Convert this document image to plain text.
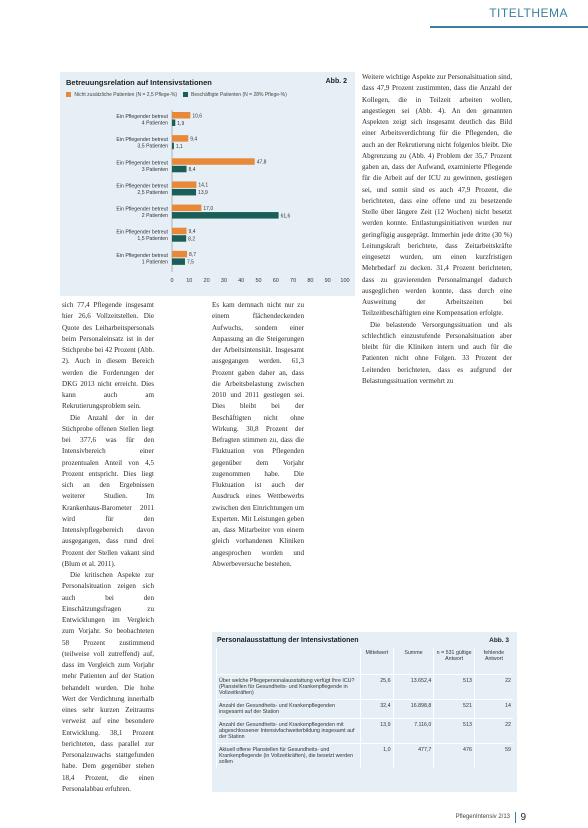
TITELTHEMA
Betreuungsrelation auf Intensivstationen	Abb. 2
Nicht zusätzliche Patienten (N = 2,5 Pflege-%)	Beschäftigte Patienten (N = 28% Pflege-%)
0 10 20 30 40 50 60 70 80 90 100
Ein Pflegender betreut
4 Patienten
10,6
1,9
Ein Pflegender betreut
3,5 Patienten
9,4
1,1
Ein Pflegender betreut
3 Patienten
47,8
8,4
Ein Pflegender betreut
2,5 Patienten
14,1
13,9
Ein Pflegender betreut
2 Patienten
17,0
61,6
Ein Pflegender betreut
1,5 Patienten
9,4
8,2
Ein Pflegender betreut
1 Patienten
8,7
7,5

sich 77,4 Pflegende insgesamt hier 26,6 Vollzeitstellen. Die Quote des Leiharbeitspersonals beim Personaleinsatz ist in der Stichprobe bei 42 Prozent (Abb. 2). Auch in diesem Bereich werden die Forderungen der DKG 2013 nicht erreicht. Dies kann auch am Rekrutierungsproblem sein.

Die Anzahl der in der Stichprobe offenen Stellen liegt bei 377,6 was für den Intensivbereich einer prozentualen Anteil von 4,5 Prozent entspricht. Dies liegt sich an den Ergebnissen weiterer Studien. Im Krankenhaus-Barometer 2011 wird für den Intensivpflegebereich davon ausgegangen, dass rund drei Prozent der Stellen vakant sind (Blum et al. 2011).

Die kritischen Aspekte zur Personalsituation zeigen sich auch bei den Einschätzungsfragen zu Entwicklungen im Vergleich zum Vorjahr. So beobachteten 58 Prozent zustimmend (teilweise voll zutreffend) auf, dass im Vergleich zum Vorjahr mehr Patienten auf der Station behandelt wurden. Die hohe Wert der Verdichtung innerhalb eines sehr kurzen Zeitraums verweist auf eine besondere Entwicklung. 38,1 Prozent berichteten, dass parallel zur Personalzuwachs stattgefunden habe. Dem gegenüber stehen 18,4 Prozent, die einen Personalabbau erfuhren.

Es kam demnach nicht nur zu einem flächendeckenden Aufwuchs, sondern einer Anpassung an die Steigerungen der Arbeitsintensität. Insgesamt ausgegangen werden. 61,3 Prozent gaben daher an, dass die Arbeitsbelastung zwischen 2010 und 2011 gestiegen sei. Dies bleibt bei der Beschäftigten nicht ohne Wirkung. 30,8 Prozent der Befragten stimmen zu, dass die Fluktuation von Pflegenden gegenüber dem Vorjahr zugenommen habe. Die Fluktuation ist auch der Ausdruck eines Wettbewerbs zwischen den Einrichtungen um Experten. Mit Leistungen geben an, dass Mitarbeiter von einem gleich vorhandenen Kliniken angesprochen worden und Abwerbeversuche bestehen.

Weitere wichtige Aspekte zur Personalsituation sind, dass 47,9 Prozent zustimmten, dass die Anzahl der Kollegen, die in Teilzeit arbeiten wollen, angestiegen sei (Abb. 4). An den genannten Aspekten zeigt sich insgesamt deutlich das Bild einer Arbeitsverdichtung für die Pflegenden, die auch an der Rekrutierung nicht folgenlos bleibt. Die Abgrenzung zu (Abb. 4) Problem der 35,7 Prozent gaben an, dass der Aufwand, examinierte Pflegende für die Arbeit auf der ICU zu gewinnen, gestiegen sei, und somit sind es auch 47,9 Prozent, die berichteten, dass eine offene und zu besetzende Stelle über längere Zeit (12 Wochen) nicht besetzt werden konnte. Entlastungsinitiativen wurden nur geringfügig ausgeprägt. Immerhin jede dritte (30 %) Leitungskraft berichtete, dass Zeitarbeitskräfte eingesetzt wurden, um einen kurzfristigen Mehrbedarf zu decken. 31,4 Prozent berichteten, dass zu gravierenden Personalmangel dadurch ausgeglichen werden konnte, dass durch eine Ausweitung der Arbeitszeiten bei Teilzeitbeschäftigten eine Kompensation erfolgte.

Die belastende Versorgungssituation und als schlechtlich einzustufende Personalsituation aber bleibt für die Kliniken intern und auch für die Patienten nicht ohne Folgen. 33 Prozent der Leitenden berichteten, dass es aufgrund der Belastungssituation vermehrt zu

Personalausstattung der Intensivstationen	Abb. 3
	Mittelwert	Summe	n = 531 gültige Antwort	fehlende Antwort
Über welche Pflegepersonalausstattung verfügt Ihre ICU? (Planstellen für Gesundheits- und Krankenpflegende in Vollzeitkräften)	25,6	13.652,4	513	22
Anzahl der Gesundheits- und Krankenpflegenden insgesamt auf der Station	32,4	16.898,8	521	14
Anzahl der Gesundheits- und Krankenpflegenden mit abgeschlossener Intensivfachweiterbildung insgesamt auf der Station	13,9	7.116,0	513	22
Aktuell offene Planstellen für Gesundheits- und Krankenpflegende (in Vollzeitkräften), die besetzt werden sollen	1,0	477,7	476	59
PflegenIntensiv 2/13	9
